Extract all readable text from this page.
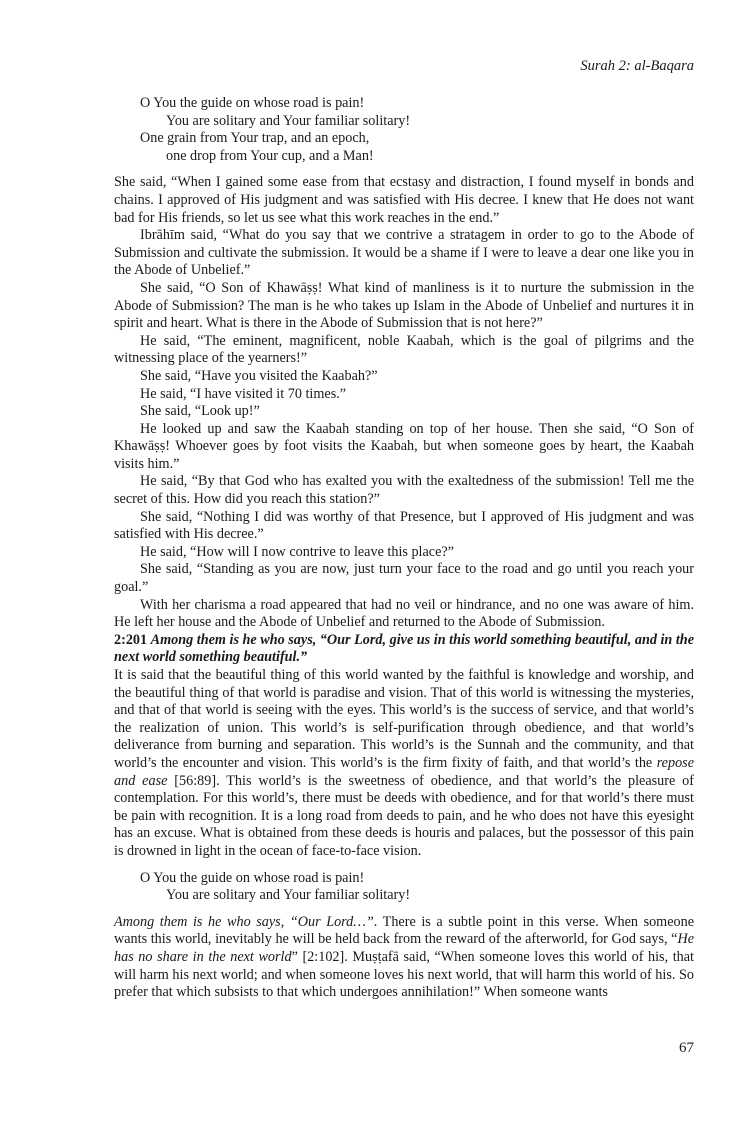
Surah 2: al-Baqara
O You the guide on whose road is pain!
You are solitary and Your familiar solitary!
One grain from Your trap, and an epoch,
one drop from Your cup, and a Man!

She said, “When I gained some ease from that ecstasy and distraction, I found myself in bonds and chains. I approved of His judgment and was satisfied with His decree. I knew that He does not want bad for His friends, so let us see what this work reaches in the end.”

Ibrāhīm said, “What do you say that we contrive a stratagem in order to go to the Abode of Submission and cultivate the submission. It would be a shame if I were to leave a dear one like you in the Abode of Unbelief.”

She said, “O Son of Khawāṣṣ! What kind of manliness is it to nurture the submission in the Abode of Submission? The man is he who takes up Islam in the Abode of Unbelief and nurtures it in spirit and heart. What is there in the Abode of Submission that is not here?”

He said, “The eminent, magnificent, noble Kaabah, which is the goal of pilgrims and the witnessing place of the yearners!”

She said, “Have you visited the Kaabah?”

He said, “I have visited it 70 times.”

She said, “Look up!”

He looked up and saw the Kaabah standing on top of her house. Then she said, “O Son of Khawāṣṣ! Whoever goes by foot visits the Kaabah, but when someone goes by heart, the Kaabah visits him.”

He said, “By that God who has exalted you with the exaltedness of the submission! Tell me the secret of this. How did you reach this station?”

She said, “Nothing I did was worthy of that Presence, but I approved of His judgment and was satisfied with His decree.”

He said, “How will I now contrive to leave this place?”

She said, “Standing as you are now, just turn your face to the road and go until you reach your goal.”

With her charisma a road appeared that had no veil or hindrance, and no one was aware of him. He left her house and the Abode of Unbelief and returned to the Abode of Submission.

2:201 Among them is he who says, “Our Lord, give us in this world something beautiful, and in the next world something beautiful.”

It is said that the beautiful thing of this world wanted by the faithful is knowledge and worship, and the beautiful thing of that world is paradise and vision. That of this world is witnessing the mysteries, and that of that world is seeing with the eyes. This world’s is the success of service, and that world’s the realization of union. This world’s is self-purification through obedience, and that world’s deliverance from burning and separation. This world’s is the Sunnah and the community, and that world’s the encounter and vision. This world’s is the firm fixity of faith, and that world’s the repose and ease [56:89]. This world’s is the sweetness of obedience, and that world’s the pleasure of contemplation. For this world’s, there must be deeds with obedience, and for that world’s there must be pain with recognition. It is a long road from deeds to pain, and he who does not have this eyesight has an excuse. What is obtained from these deeds is houris and palaces, but the possessor of this pain is drowned in light in the ocean of face-to-face vision.

O You the guide on whose road is pain!
You are solitary and Your familiar solitary!

Among them is he who says, “Our Lord…”. There is a subtle point in this verse. When someone wants this world, inevitably he will be held back from the reward of the afterworld, for God says, “He has no share in the next world” [2:102]. Muṣṭafā said, “When someone loves this world of his, that will harm his next world; and when someone loves his next world, that will harm this world of his. So prefer that which subsists to that which undergoes annihilation!” When someone wants

67
